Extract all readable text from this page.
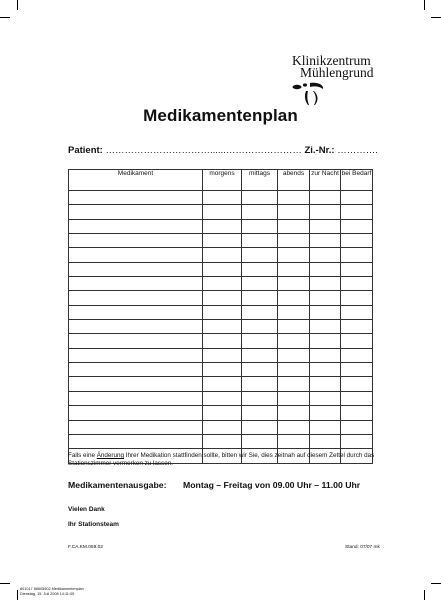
Klinikzentrum
Mühlengrund
Medikamentenplan
Patient: ……………………………......…………………… Zi.-Nr.: ………….
Medikament	morgens	mittags	abends	zur Nacht	bei Bedarf

Falls eine Änderung Ihrer Medikation stattfinden sollte, bitten wir Sie, dies zeitnah auf diesem Zettel durch das Stationszimmer vermerken zu lassen.
Medikamentenausgabe: Montag – Freitag von 09.00 Uhr – 11.00 Uhr
Vielen Dank
Ihr Stationsteam
F.CA.KM.059.02	Stand: 07/07 mk
801017 86605902 Medikamentenplan
Dienstag, 15. Juli 2008 14:11:05
